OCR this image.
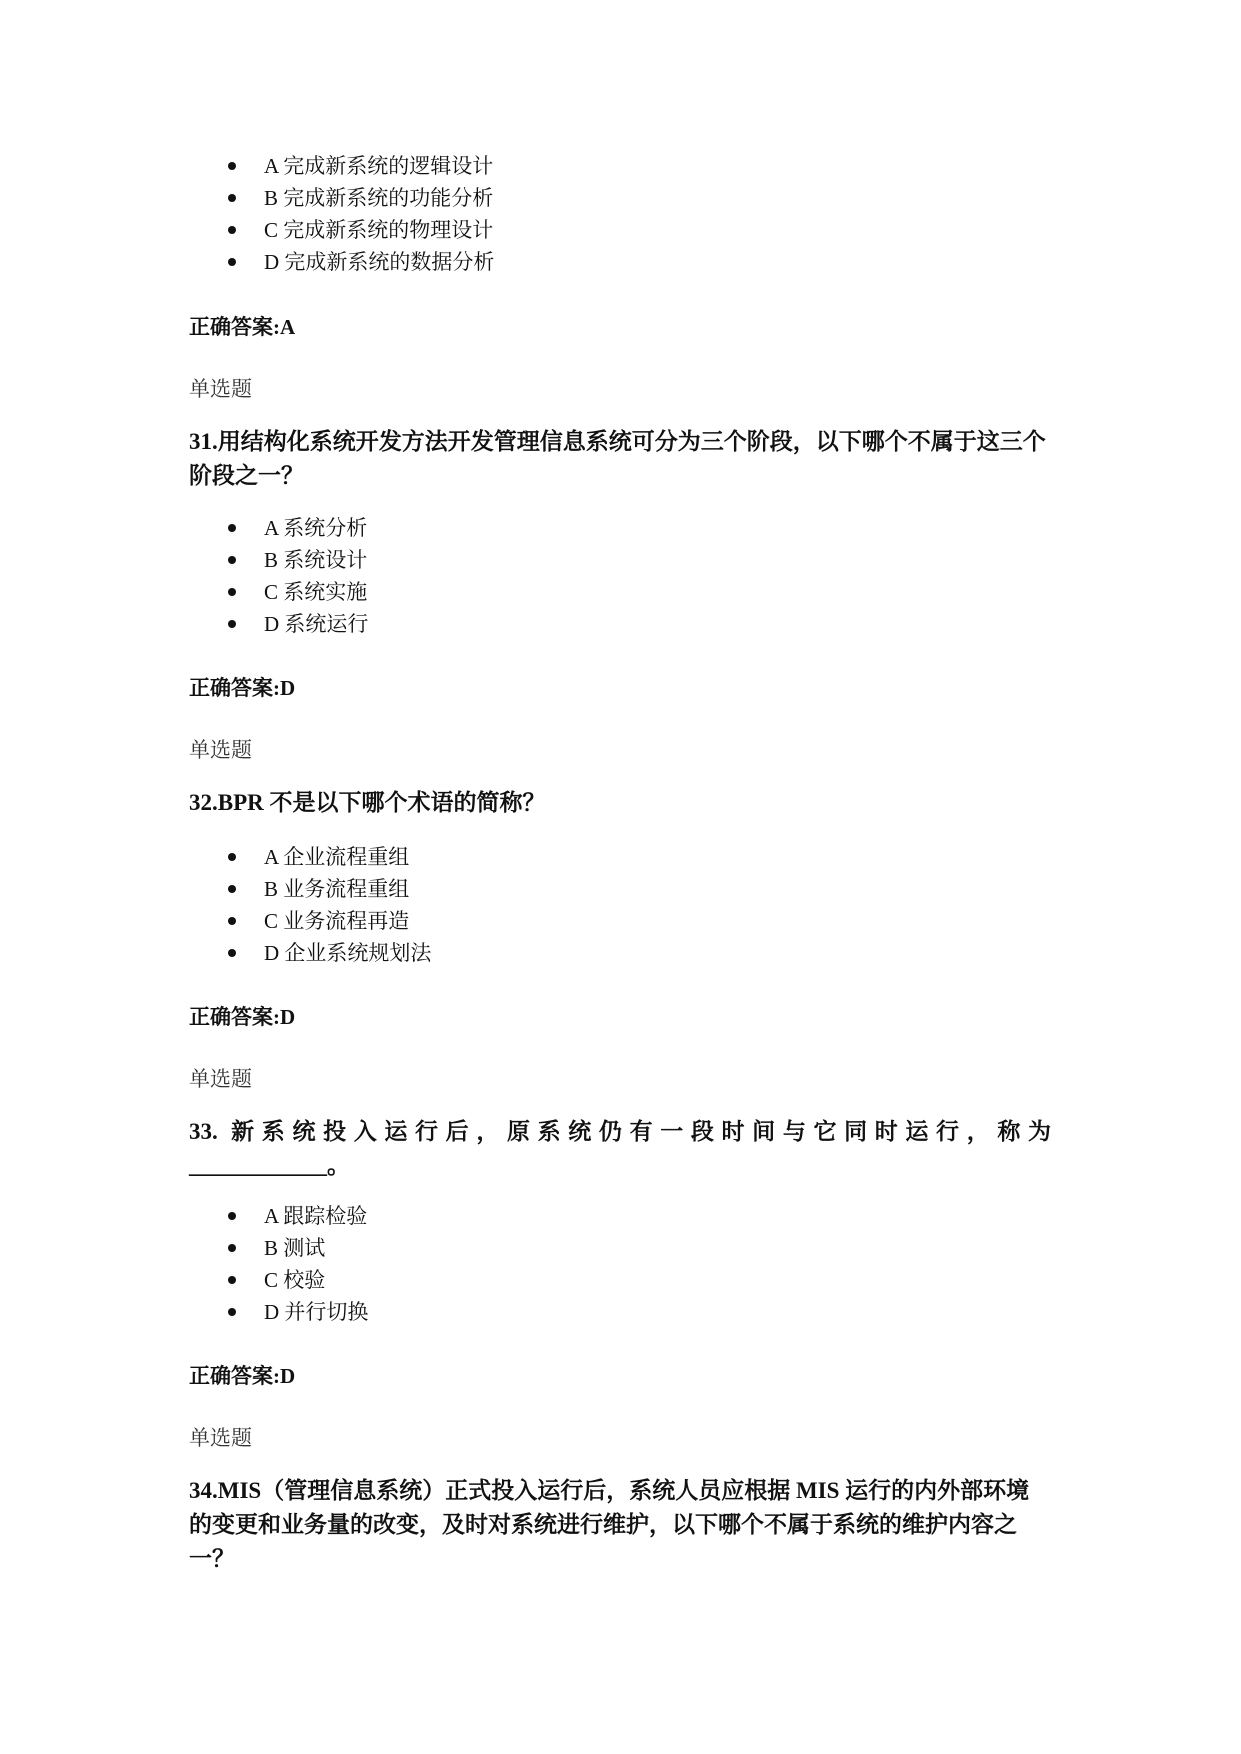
A 完成新系统的逻辑设计
B 完成新系统的功能分析
C 完成新系统的物理设计
D 完成新系统的数据分析
正确答案:A
单选题

31.用结构化系统开发方法开发管理信息系统可分为三个阶段，以下哪个不属于这三个阶段之一？

A 系统分析
B 系统设计
C 系统实施
D 系统运行
正确答案:D
单选题

32.BPR 不是以下哪个术语的简称？

A 企业流程重组
B 业务流程重组
C 业务流程再造
D 企业系统规划法
正确答案:D
单选题

33. 新系统投入运行后，原系统仍有一段时间与它同时运行，称为
____________。

A 跟踪检验
B 测试
C 校验
D 并行切换
正确答案:D
单选题

34.MIS（管理信息系统）正式投入运行后，系统人员应根据 MIS 运行的内外部环境的变更和业务量的改变，及时对系统进行维护，以下哪个不属于系统的维护内容之一？
